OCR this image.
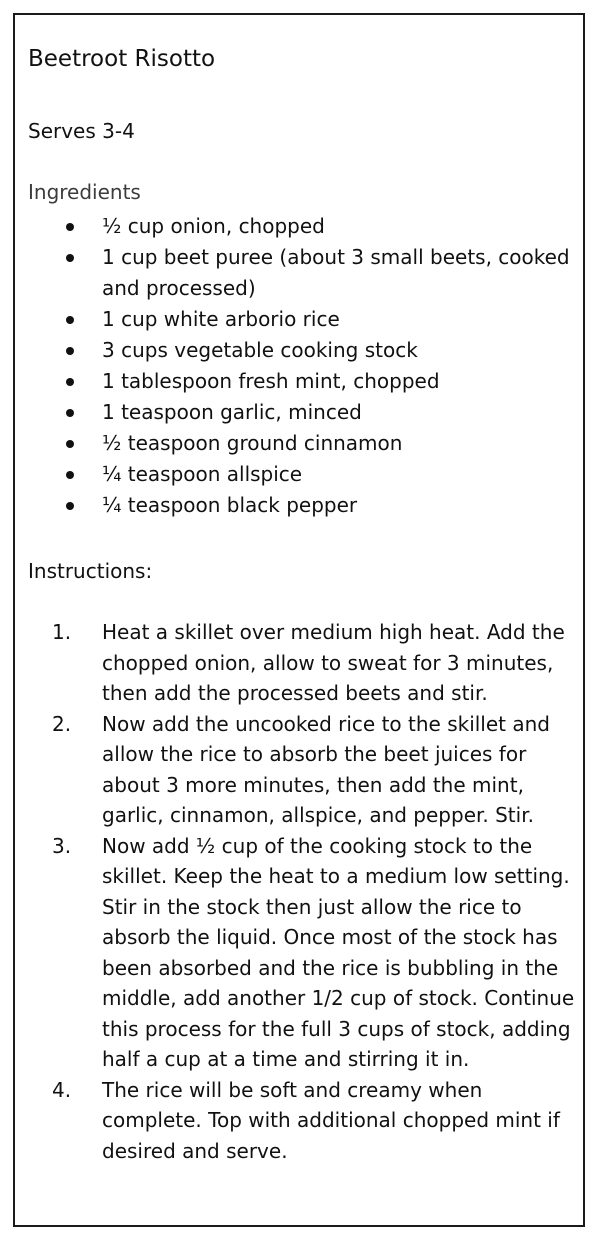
Beetroot Risotto

Serves 3-4

Ingredients
½ cup onion, chopped
1 cup beet puree (about 3 small beets, cooked and processed)
1 cup white arborio rice
3 cups vegetable cooking stock
1 tablespoon fresh mint, chopped
1 teaspoon garlic, minced
½ teaspoon ground cinnamon
¼ teaspoon allspice
¼ teaspoon black pepper
Instructions:
1.	Heat a skillet over medium high heat. Add the chopped onion, allow to sweat for 3 minutes, then add the processed beets and stir.
2.	Now add the uncooked rice to the skillet and allow the rice to absorb the beet juices for about 3 more minutes, then add the mint, garlic, cinnamon, allspice, and pepper. Stir.
3.	Now add ½ cup of the cooking stock to the skillet. Keep the heat to a medium low setting. Stir in the stock then just allow the rice to absorb the liquid. Once most of the stock has been absorbed and the rice is bubbling in the middle, add another 1/2 cup of stock. Continue this process for the full 3 cups of stock, adding half a cup at a time and stirring it in.
4.	The rice will be soft and creamy when complete. Top with additional chopped mint if desired and serve.
